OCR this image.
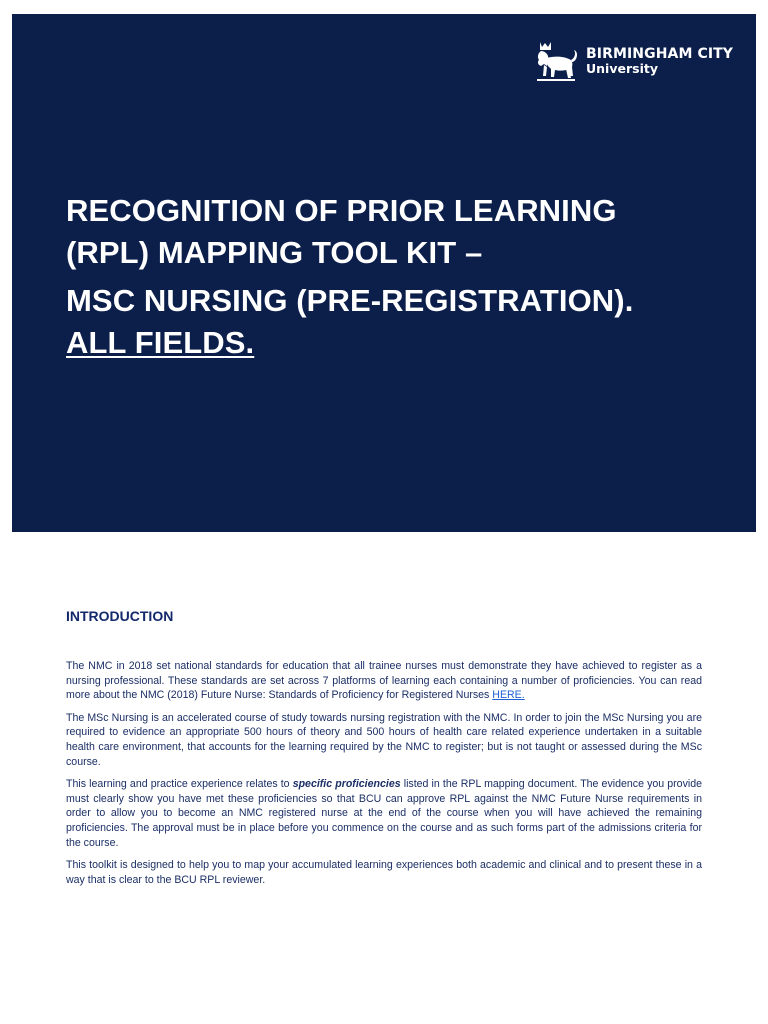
BIRMINGHAM CITY
University
RECOGNITION OF PRIOR LEARNING
(RPL) MAPPING TOOL KIT –
MSC NURSING (PRE-REGISTRATION).
ALL FIELDS.
INTRODUCTION

The NMC in 2018 set national standards for education that all trainee nurses must demonstrate they have achieved to register as a nursing professional. These standards are set across 7 platforms of learning each containing a number of proficiencies. You can read more about the NMC (2018) Future Nurse: Standards of Proficiency for Registered Nurses HERE.

The MSc Nursing is an accelerated course of study towards nursing registration with the NMC. In order to join the MSc Nursing you are required to evidence an appropriate 500 hours of theory and 500 hours of health care related experience undertaken in a suitable health care environment, that accounts for the learning required by the NMC to register; but is not taught or assessed during the MSc course.

This learning and practice experience relates to specific proficiencies listed in the RPL mapping document. The evidence you provide must clearly show you have met these proficiencies so that BCU can approve RPL against the NMC Future Nurse requirements in order to allow you to become an NMC registered nurse at the end of the course when you will have achieved the remaining proficiencies. The approval must be in place before you commence on the course and as such forms part of the admissions criteria for the course.

This toolkit is designed to help you to map your accumulated learning experiences both academic and clinical and to present these in a way that is clear to the BCU RPL reviewer.
